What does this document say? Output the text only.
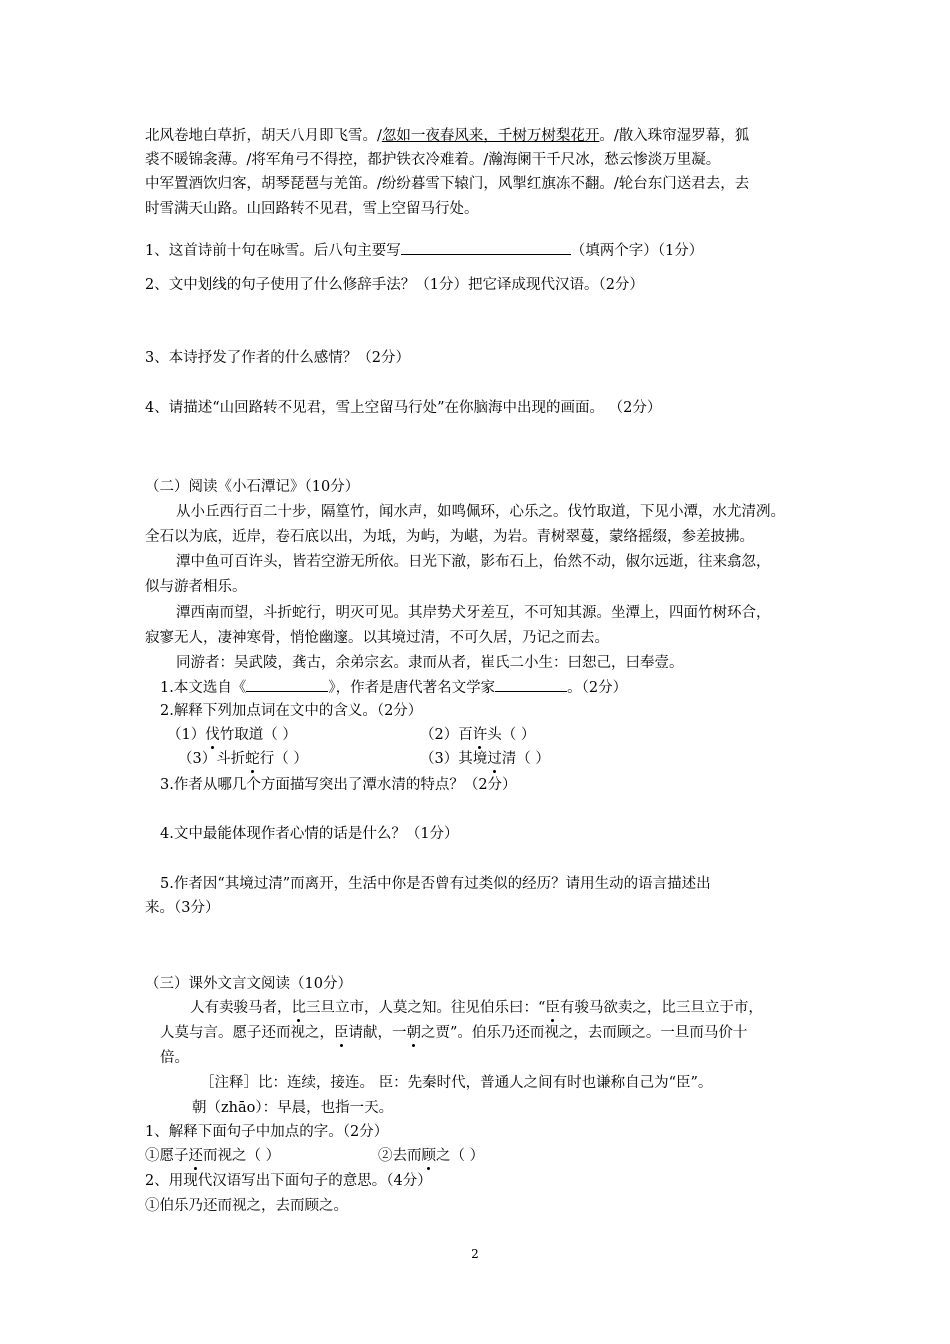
北风卷地白草折，胡天八月即飞雪。/忽如一夜春风来，千树万树梨花开。/散入珠帘湿罗幕，狐
裘不暖锦衾薄。/将军角弓不得控，都护铁衣冷难着。/瀚海阑干千尺冰，愁云惨淡万里凝。
中军置酒饮归客，胡琴琵琶与羌笛。/纷纷暮雪下辕门，风掣红旗冻不翻。/轮台东门送君去，去
时雪满天山路。山回路转不见君，雪上空留马行处。
1、这首诗前十句在咏雪。后八句主要写	（填两个字）（1分）
2、文中划线的句子使用了什么修辞手法？（1分）把它译成现代汉语。（2分）
3、本诗抒发了作者的什么感情？（2分）
4、请描述“山回路转不见君，雪上空留马行处”在你脑海中出现的画面。 （2分）
（二）阅读《小石潭记》（10分）
从小丘西行百二十步，隔篁竹，闻水声，如鸣佩环，心乐之。伐竹取道，下见小潭，水尤清冽。
全石以为底，近岸，卷石底以出，为坻，为屿，为嵁，为岩。青树翠蔓，蒙络摇缀，参差披拂。
潭中鱼可百许头，皆若空游无所依。日光下澈，影布石上，佁然不动，俶尔远逝，往来翕忽，
似与游者相乐。
潭西南而望，斗折蛇行，明灭可见。其岸势犬牙差互，不可知其源。坐潭上，四面竹树环合，
寂寥无人，凄神寒骨，悄怆幽邃。以其境过清，不可久居，乃记之而去。
同游者：吴武陵，龚古，余弟宗玄。隶而从者，崔氏二小生：曰恕己，曰奉壹。
1.本文选自《	》，作者是唐代著名文学家	。（2分）
2.解释下列加点词在文中的含义。（2分）
（1）伐竹取道（ ）	（2）百许头（ ）
（3）斗折蛇行（ ）	（3）其境过清（ ）
3.作者从哪几个方面描写突出了潭水清的特点？（2分）
4.文中最能体现作者心情的话是什么？（1分）
5.作者因“其境过清”而离开，生活中你是否曾有过类似的经历？请用生动的语言描述出
来。（3分）
（三）课外文言文阅读（10分）
人有卖骏马者，比三旦立市，人莫之知。往见伯乐曰：“臣有骏马欲卖之，比三旦立于市，
人莫与言。愿子还而视之，臣请献，一朝之贾”。伯乐乃还而视之，去而顾之。一旦而马价十
倍。
［注释］比：连续，接连。 臣：先秦时代，普通人之间有时也谦称自己为“臣”。
朝（zhāo）：早晨，也指一天。
1、解释下面句子中加点的字。（2分）
①愿子还而视之（ ）	②去而顾之（ ）
2、用现代汉语写出下面句子的意思。（4分）
①伯乐乃还而视之，去而顾之。
2
